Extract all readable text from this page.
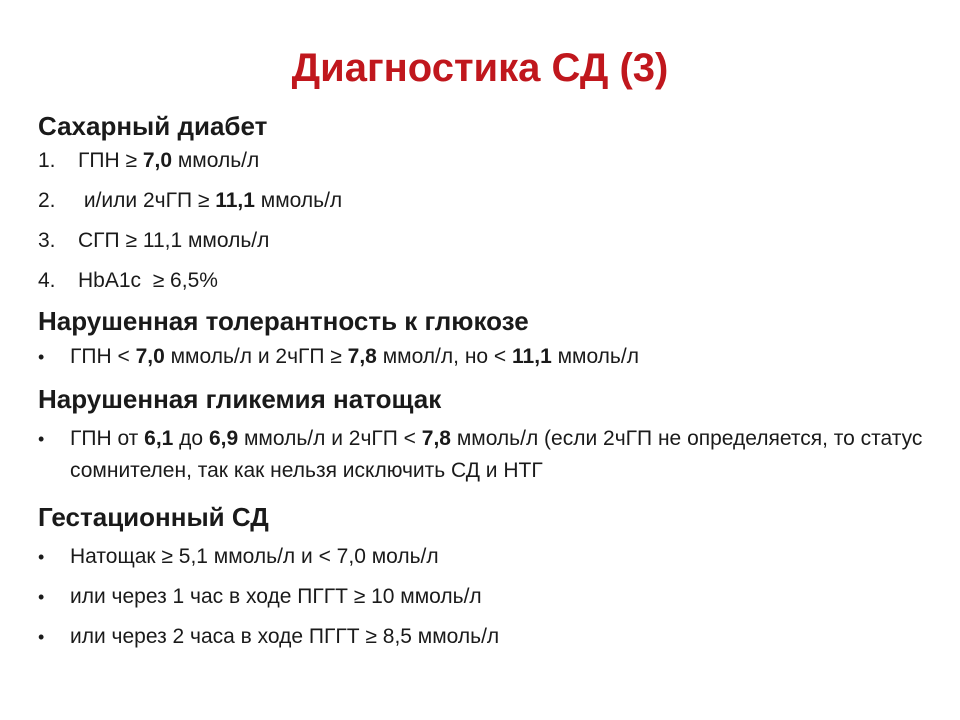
Диагностика СД (3)
Сахарный диабет
1.	ГПН ≥ 7,0 ммоль/л
2.	и/или 2чГП ≥ 11,1 ммоль/л
3.	СГП ≥ 11,1 ммоль/л
4.	HbA1c  ≥ 6,5%
Нарушенная толерантность к глюкозе
•	ГПН < 7,0 ммоль/л и 2чГП ≥ 7,8 ммол/л, но < 11,1 ммоль/л
Нарушенная гликемия натощак
•	ГПН от 6,1 до 6,9 ммоль/л и 2чГП < 7,8 ммоль/л (если 2чГП не определяется, то статус сомнителен, так как нельзя исключить СД и НТГ
Гестационный СД
•	Натощак ≥ 5,1 ммоль/л и < 7,0 моль/л
•	или через 1 час в ходе ПГГТ ≥ 10 ммоль/л
•	или через 2 часа в ходе ПГГТ ≥ 8,5 ммоль/л
